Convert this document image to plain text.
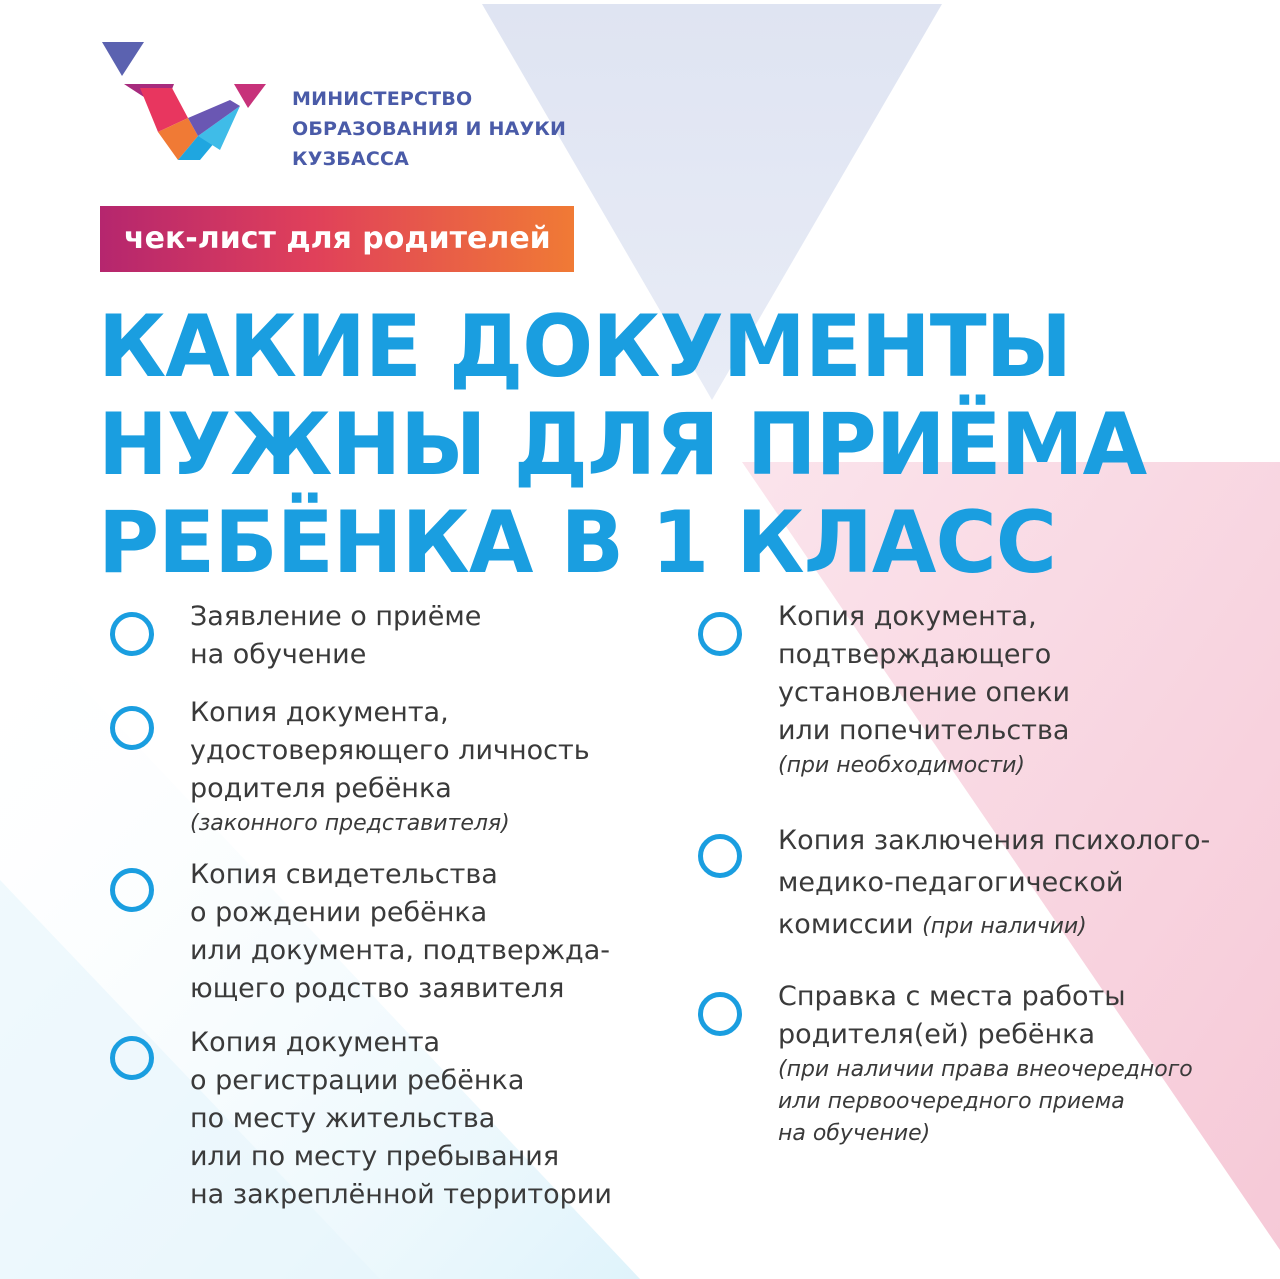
МИНИСТЕРСТВО
ОБРАЗОВАНИЯ И НАУКИ
КУЗБАССА
чек-лист для родителей
КАКИЕ ДОКУМЕНТЫ
НУЖНЫ ДЛЯ ПРИЁМА
РЕБЁНКА В 1 КЛАСС
Заявление о приёме
на обучение
Копия документа,
удостоверяющего личность
родителя ребёнка
(законного представителя)
Копия свидетельства
о рождении ребёнка
или документа, подтвержда-
ющего родство заявителя
Копия документа
о регистрации ребёнка
по месту жительства
или по месту пребывания
на закреплённой территории
Копия документа,
подтверждающего
установление опеки
или попечительства
(при необходимости)
Копия заключения психолого-
медико-педагогической
комиссии (при наличии)
Справка с места работы
родителя(ей) ребёнка
(при наличии права внеочередного
или первоочередного приема
на обучение)
